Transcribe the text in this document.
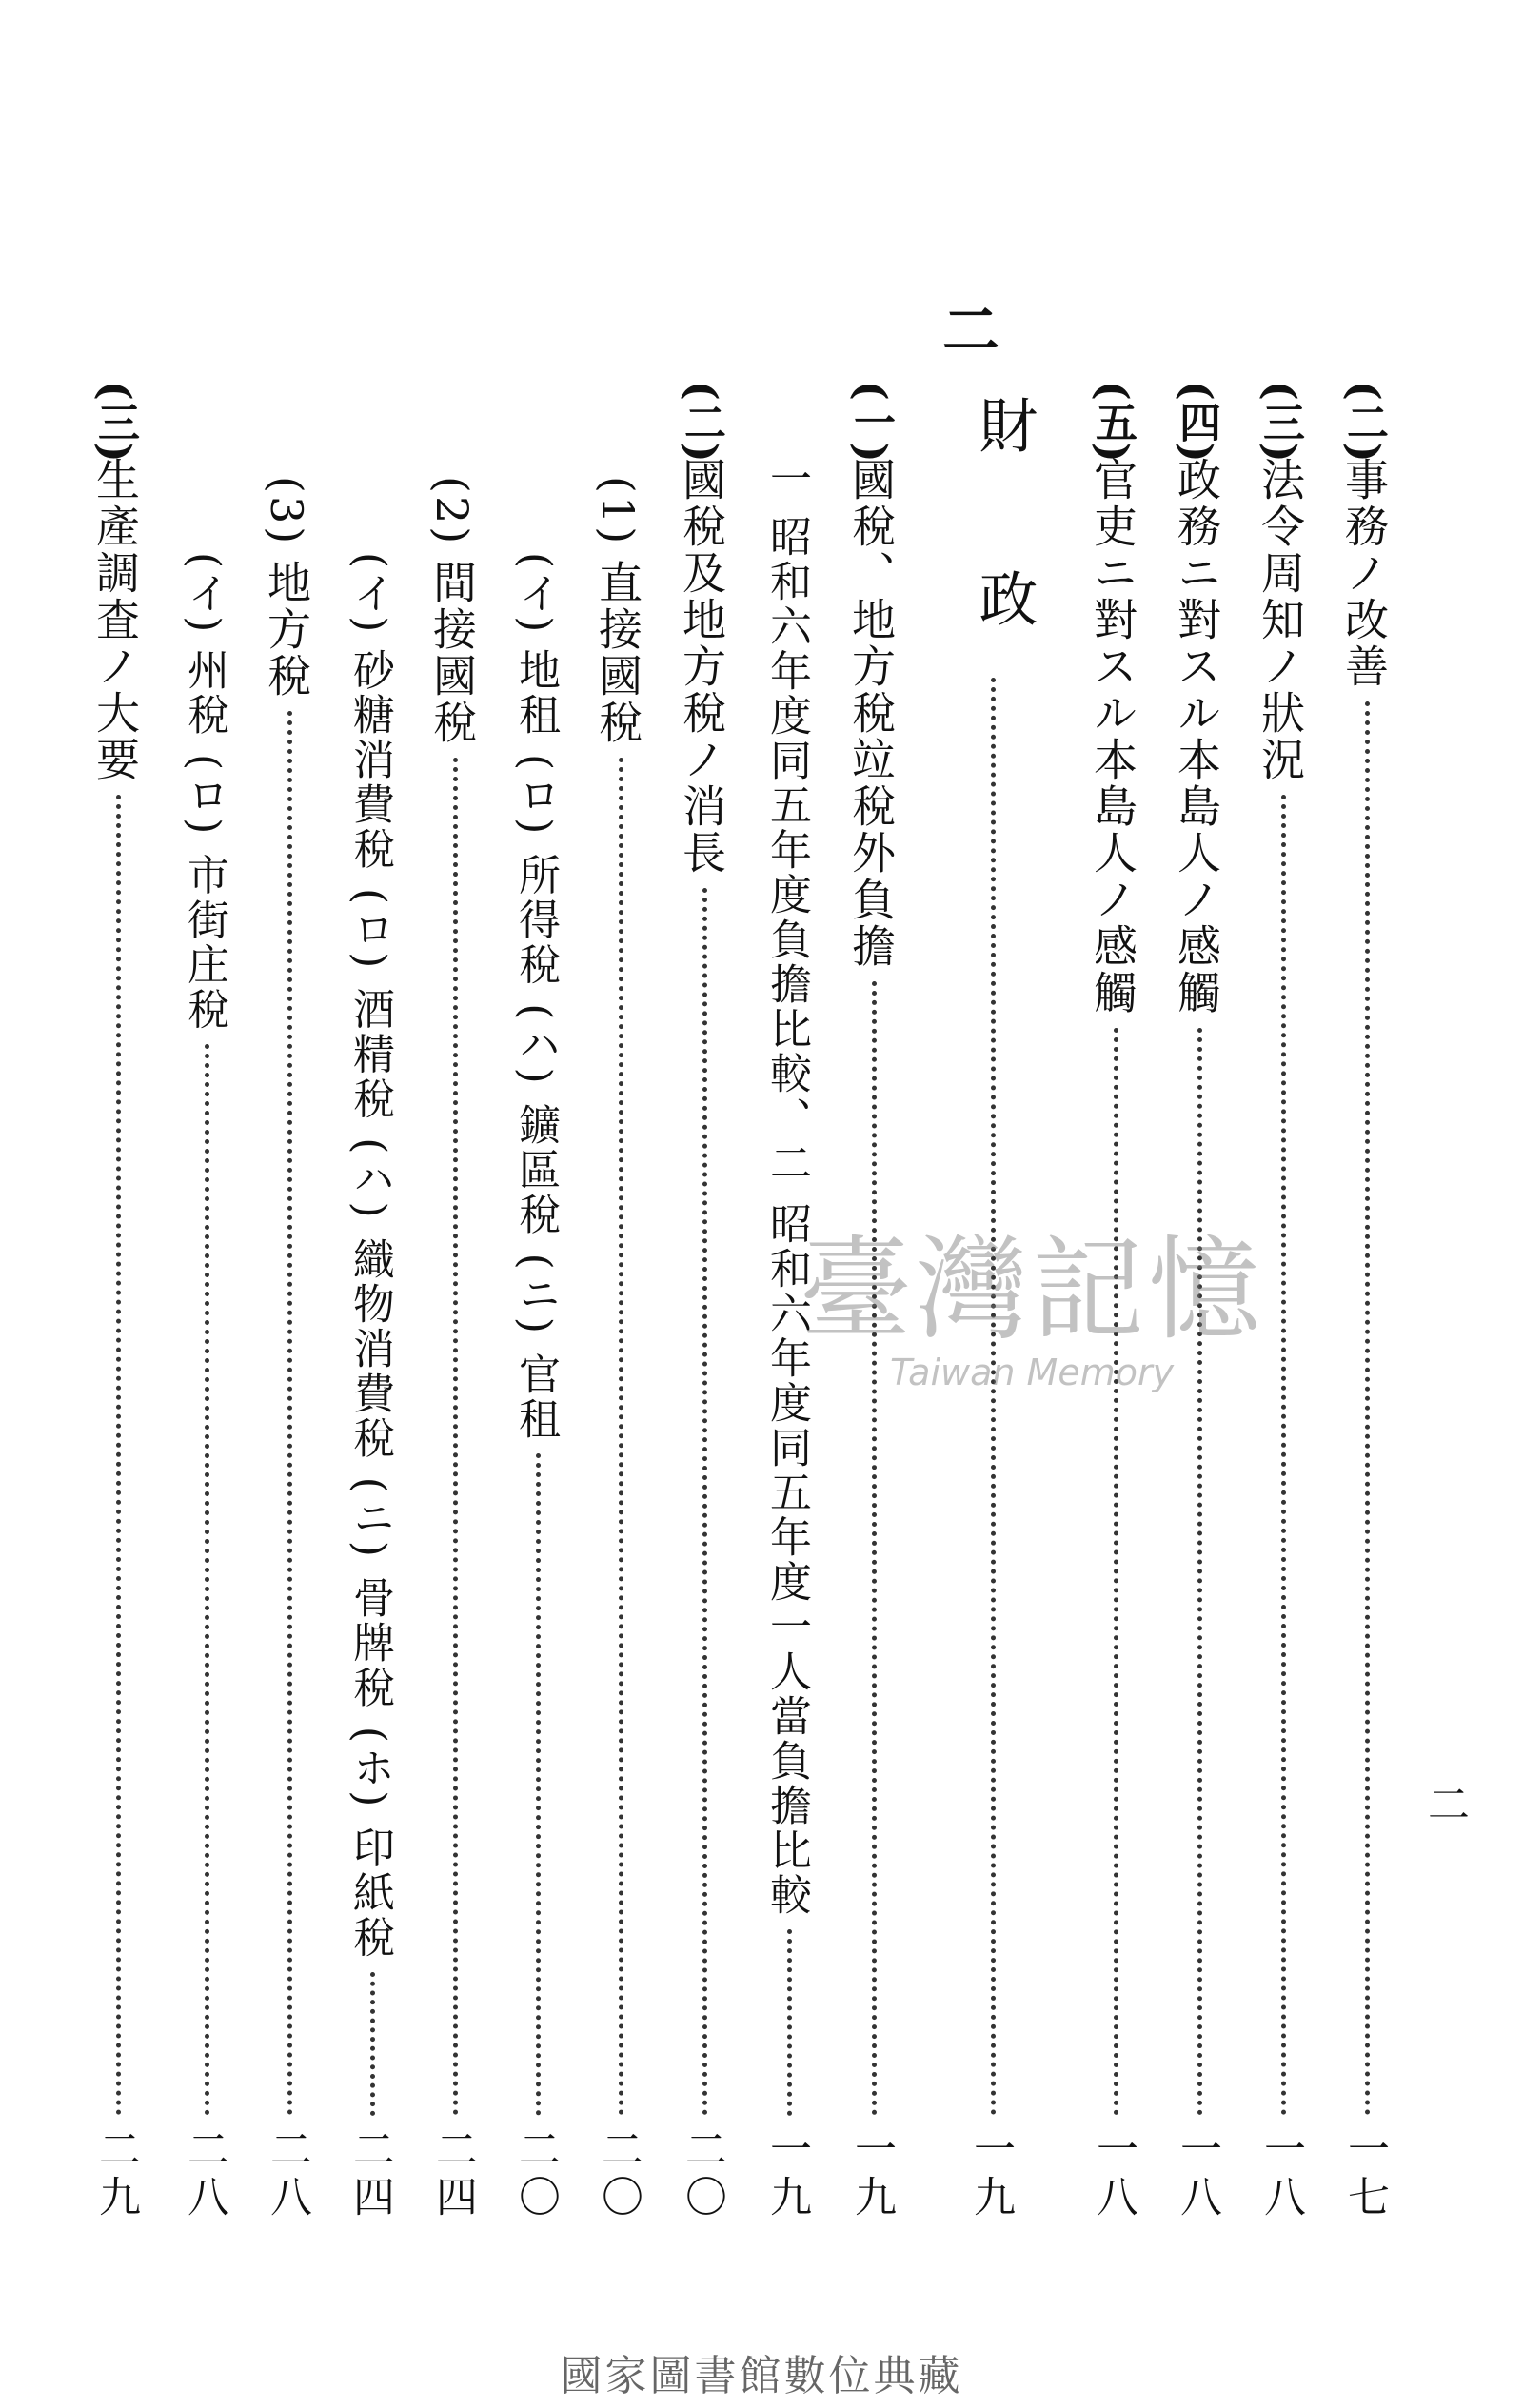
二
財政	(二)
事務ノ改善
一七
(三)
法令周知ノ狀況
一八
(四)
政務ニ對スル本島人ノ感觸
一八
(五)
官吏ニ對スル本島人ノ感觸
一八
一九
(一)
國稅、地方稅竝稅外負擔
一九
一
昭和六年度同五年度負擔比較、二 昭和六年度同五年度一人當負擔比較
一九
(二)
國稅及地方稅ノ消長
二〇
(1)
直接國稅
二〇
(イ)
地租 (ロ) 所得稅 (ハ) 鑛區稅 (ニ) 官租
二〇
(2)
間接國稅
二四
(イ)
砂糖消費稅 (ロ) 酒精稅 (ハ) 織物消費稅 (ニ) 骨牌稅 (ホ) 印紙稅
二四
(3)
地方稅
二八
(イ)
州稅 (ロ) 市街庄稅
二八
(三)
生產調査ノ大要
二九
二
臺灣記憶
Taiwan Memory
國家圖書館數位典藏
